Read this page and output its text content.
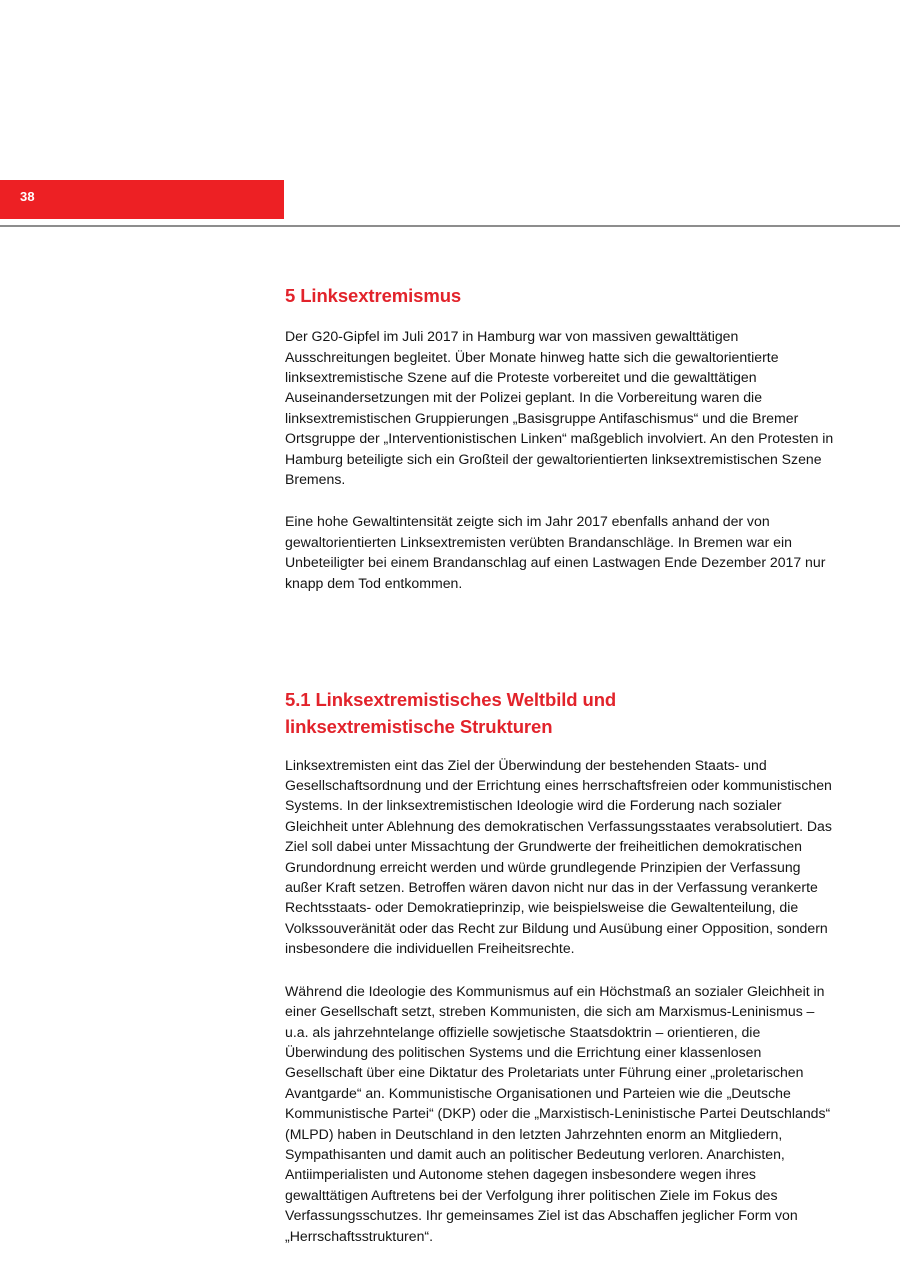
38
5 Linksextremismus

Der G20-Gipfel im Juli 2017 in Hamburg war von massiven gewalttätigen Ausschreitungen begleitet. Über Monate hinweg hatte sich die gewaltorientierte linksextremistische Szene auf die Proteste vorbereitet und die gewalttätigen Auseinandersetzungen mit der Polizei geplant. In die Vorbereitung waren die linksextremistischen Gruppierungen „Basisgruppe Antifaschismus“ und die Bremer Ortsgruppe der „Interventionistischen Linken“ maßgeblich involviert. An den Protesten in Hamburg beteiligte sich ein Großteil der gewaltorientierten linksextremistischen Szene Bremens.

Eine hohe Gewaltintensität zeigte sich im Jahr 2017 ebenfalls anhand der von gewaltorientierten Linksextremisten verübten Brandanschläge. In Bremen war ein Unbeteiligter bei einem Brandanschlag auf einen Lastwagen Ende Dezember 2017 nur knapp dem Tod entkommen.

5.1 Linksextremistisches Weltbild und
linksextremistische Strukturen

Linksextremisten eint das Ziel der Überwindung der bestehenden Staats- und Gesellschaftsordnung und der Errichtung eines herrschaftsfreien oder kommunistischen Systems. In der linksextremistischen Ideologie wird die Forderung nach sozialer Gleichheit unter Ablehnung des demokratischen Verfassungsstaates verabsolutiert. Das Ziel soll dabei unter Missachtung der Grundwerte der freiheitlichen demokratischen Grundordnung erreicht werden und würde grundlegende Prinzipien der Verfassung außer Kraft setzen. Betroffen wären davon nicht nur das in der Verfassung verankerte Rechtsstaats- oder Demokratieprinzip, wie beispielsweise die Gewaltenteilung, die Volkssouveränität oder das Recht zur Bildung und Ausübung einer Opposition, sondern insbesondere die individuellen Freiheitsrechte.

Während die Ideologie des Kommunismus auf ein Höchstmaß an sozialer Gleichheit in einer Gesellschaft setzt, streben Kommunisten, die sich am Marxismus-Leninismus – u.a. als jahrzehntelange offizielle sowjetische Staatsdoktrin – orientieren, die Überwindung des politischen Systems und die Errichtung einer klassenlosen Gesellschaft über eine Diktatur des Proletariats unter Führung einer „proletarischen Avantgarde“ an. Kommunistische Organisationen und Parteien wie die „Deutsche Kommunistische Partei“ (DKP) oder die „Marxistisch-Leninistische Partei Deutschlands“ (MLPD) haben in Deutschland in den letzten Jahrzehnten enorm an Mitgliedern, Sympathisanten und damit auch an politischer Bedeutung verloren. Anarchisten, Antiimperialisten und Autonome stehen dagegen insbesondere wegen ihres gewalttätigen Auftretens bei der Verfolgung ihrer politischen Ziele im Fokus des Verfassungsschutzes. Ihr gemeinsames Ziel ist das Abschaffen jeglicher Form von „Herrschaftsstrukturen“.
